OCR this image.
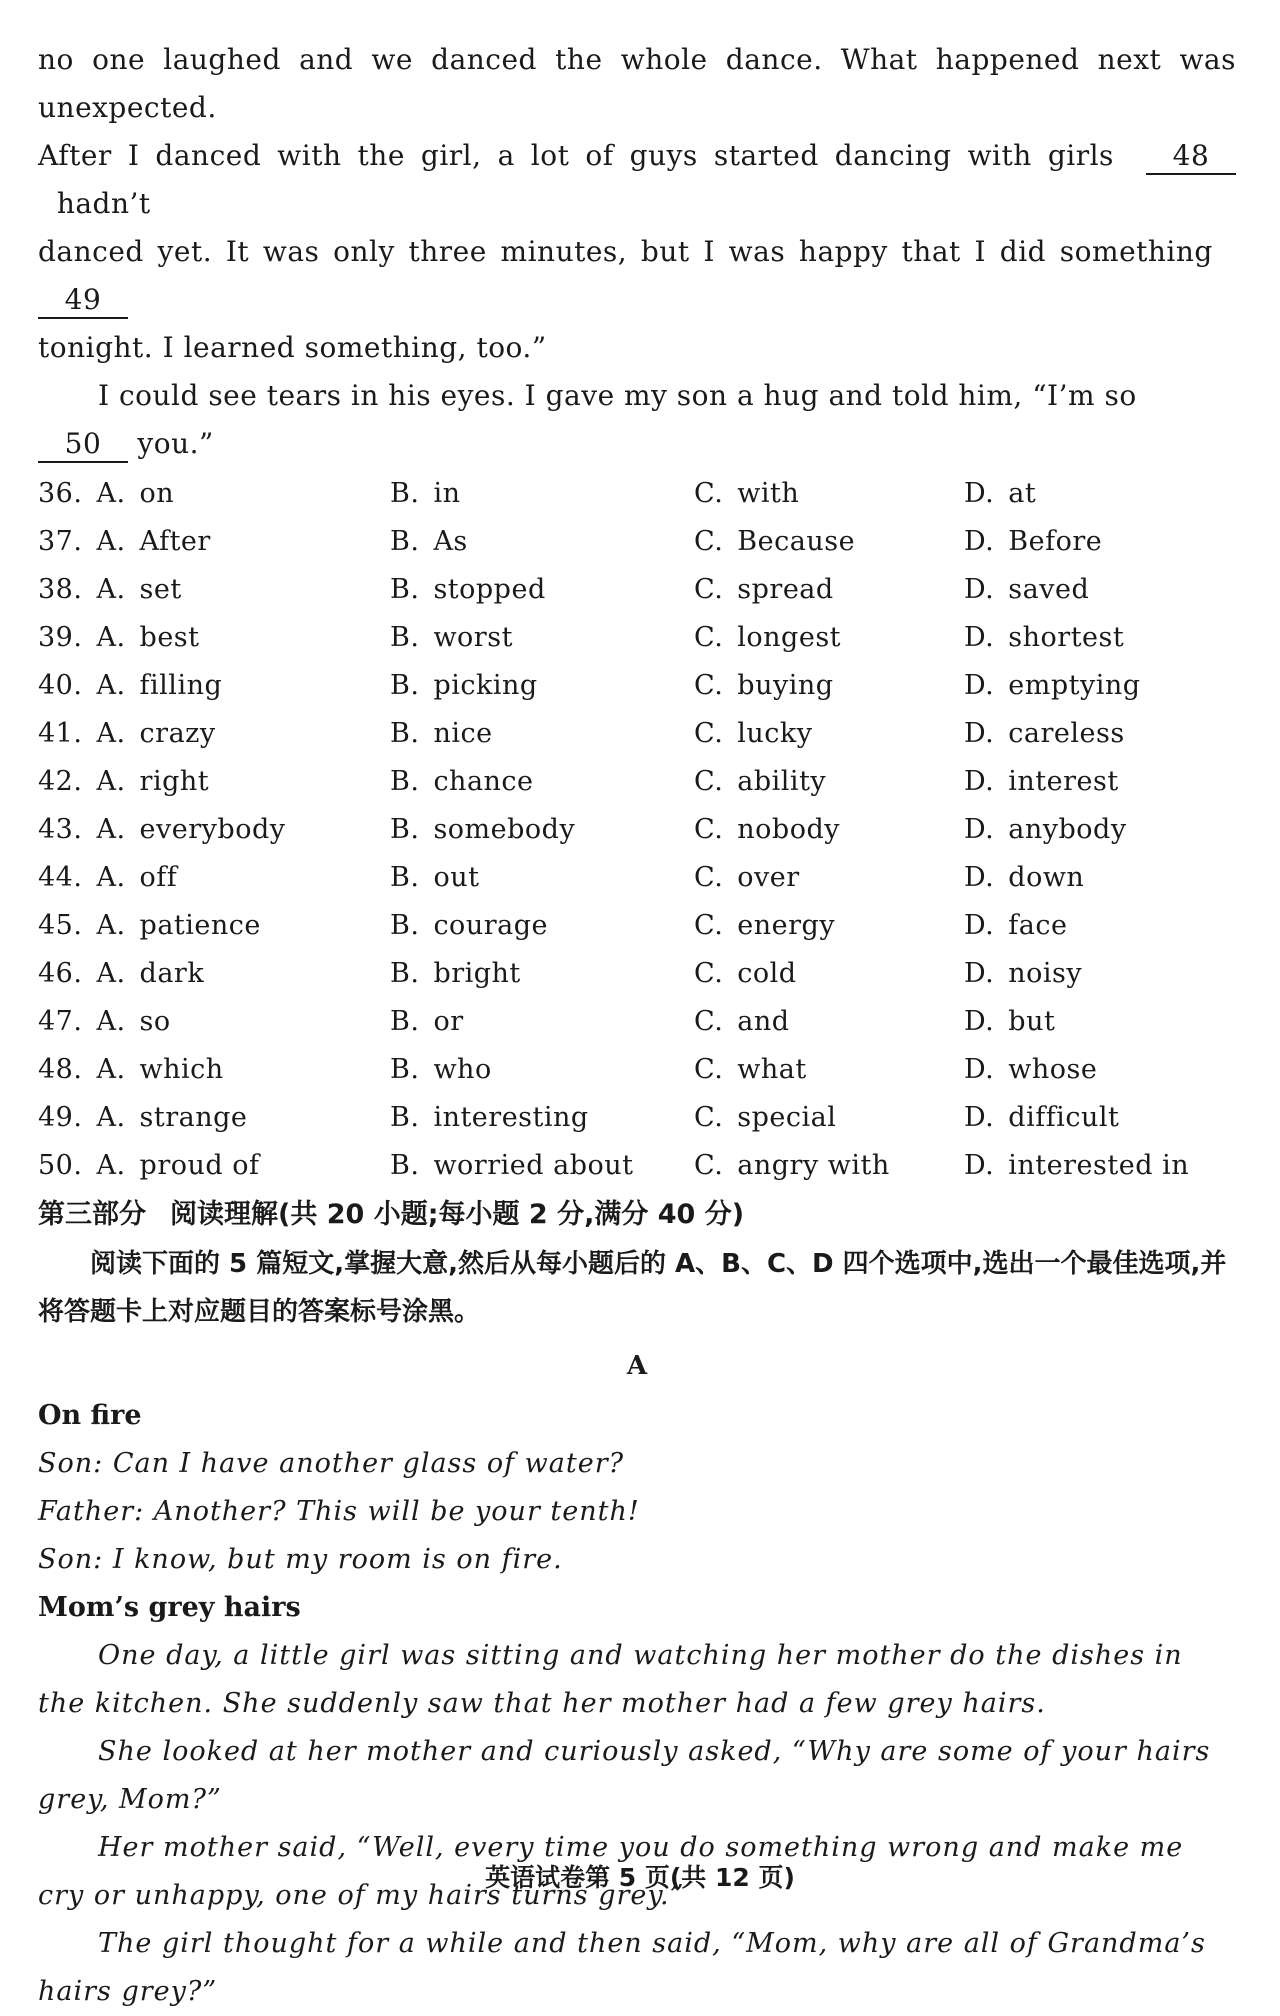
no one laughed and we danced the whole dance. What happened next was unexpected.

After I danced with the girl, a lot of guys started dancing with girls 48  hadn’t

danced yet. It was only three minutes, but I was happy that I did something  49

tonight. I learned something, too.”

I could see tears in his eyes. I gave my son a hug and told him, “I’m so

50 you.”

36. A. on	B. in	C. with	D. at
37. A. After	B. As	C. Because	D. Before
38. A. set	B. stopped	C. spread	D. saved
39. A. best	B. worst	C. longest	D. shortest
40. A. filling	B. picking	C. buying	D. emptying
41. A. crazy	B. nice	C. lucky	D. careless
42. A. right	B. chance	C. ability	D. interest
43. A. everybody	B. somebody	C. nobody	D. anybody
44. A. off	B. out	C. over	D. down
45. A. patience	B. courage	C. energy	D. face
46. A. dark	B. bright	C. cold	D. noisy
47. A. so	B. or	C. and	D. but
48. A. which	B. who	C. what	D. whose
49. A. strange	B. interesting	C. special	D. difficult
50. A. proud of	B. worried about	C. angry with	D. interested in
第三部分 阅读理解(共 20 小题;每小题 2 分,满分 40 分)

阅读下面的 5 篇短文,掌握大意,然后从每小题后的 A、B、C、D 四个选项中,选出一个最佳选项,并将答题卡上对应题目的答案标号涂黑。

A

On fire

Son: Can I have another glass of water?

Father: Another? This will be your tenth!

Son: I know, but my room is on fire.

Mom’s grey hairs

One day, a little girl was sitting and watching her mother do the dishes in the kitchen. She suddenly saw that her mother had a few grey hairs.

She looked at her mother and curiously asked, “Why are some of your hairs grey, Mom?”

Her mother said, “Well, every time you do something wrong and make me cry or unhappy, one of my hairs turns grey.”

The girl thought for a while and then said, “Mom, why are all of Grandma’s hairs grey?”

英语试卷第 5 页(共 12 页)
